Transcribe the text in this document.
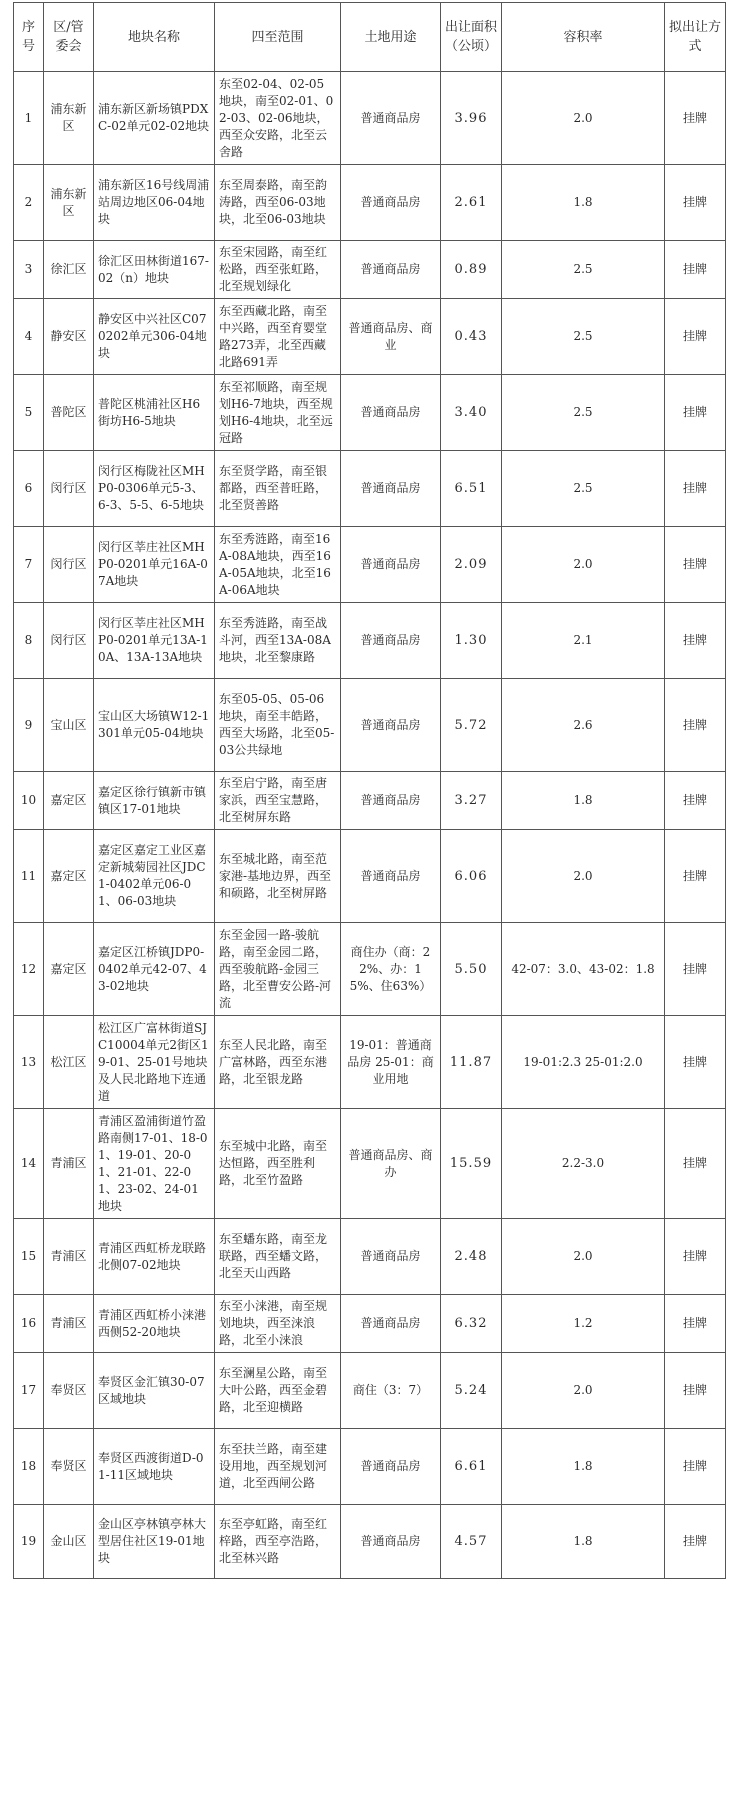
序号	区/管委会	地块名称	四至范围	土地用途	出让面积（公顷）	容积率	拟出让方式
1	浦东新区	浦东新区新场镇PDXC-02单元02-02地块	东至02-04、02-05地块，南至02-01、02-03、02-06地块，西至众安路，北至云舍路	普通商品房	3.96	2.0	挂牌
2	浦东新区	浦东新区16号线周浦站周边地区06-04地块	东至周泰路，南至韵涛路，西至06-03地块，北至06-03地块	普通商品房	2.61	1.8	挂牌
3	徐汇区	徐汇区田林街道167-02（n）地块	东至宋园路，南至红松路，西至张虹路，北至规划绿化	普通商品房	0.89	2.5	挂牌
4	静安区	静安区中兴社区C070202单元306-04地块	东至西藏北路，南至中兴路，西至育婴堂路273弄，北至西藏北路691弄	普通商品房、商业	0.43	2.5	挂牌
5	普陀区	普陀区桃浦社区H6街坊H6-5地块	东至祁顺路，南至规划H6-7地块，西至规划H6-4地块，北至远冠路	普通商品房	3.40	2.5	挂牌
6	闵行区	闵行区梅陇社区MHP0-0306单元5-3、6-3、5-5、6-5地块	东至贤学路，南至银都路，西至普旺路，北至贤善路	普通商品房	6.51	2.5	挂牌
7	闵行区	闵行区莘庄社区MHP0-0201单元16A-07A地块	东至秀涟路，南至16A-08A地块，西至16A-05A地块，北至16A-06A地块	普通商品房	2.09	2.0	挂牌
8	闵行区	闵行区莘庄社区MHP0-0201单元13A-10A、13A-13A地块	东至秀涟路，南至战斗河，西至13A-08A地块，北至黎康路	普通商品房	1.30	2.1	挂牌
9	宝山区	宝山区大场镇W12-1301单元05-04地块	东至05-05、05-06地块，南至丰皓路，西至大场路，北至05-03公共绿地	普通商品房	5.72	2.6	挂牌
10	嘉定区	嘉定区徐行镇新市镇镇区17-01地块	东至启宁路，南至唐家浜，西至宝慧路，北至树屏东路	普通商品房	3.27	1.8	挂牌
11	嘉定区	嘉定区嘉定工业区嘉定新城菊园社区JDC1-0402单元06-01、06-03地块	东至城北路，南至范家港-基地边界，西至和硕路，北至树屏路	普通商品房	6.06	2.0	挂牌
12	嘉定区	嘉定区江桥镇JDP0-0402单元42-07、43-02地块	东至金园一路-骏航路，南至金园二路，西至骏航路-金园三路，北至曹安公路-河流	商住办（商：22%、办：15%、住63%）	5.50	42-07：3.0、43-02：1.8	挂牌
13	松江区	松江区广富林街道SJC10004单元2街区19-01、25-01号地块及人民北路地下连通道	东至人民北路，南至广富林路，西至东港路，北至银龙路	19-01：普通商品房 25-01：商业用地	11.87	19-01:2.3 25-01:2.0	挂牌
14	青浦区	青浦区盈浦街道竹盈路南侧17-01、18-01、19-01、20-01、21-01、22-01、23-02、24-01地块	东至城中北路，南至达恒路，西至胜利路，北至竹盈路	普通商品房、商办	15.59	2.2-3.0	挂牌
15	青浦区	青浦区西虹桥龙联路北侧07-02地块	东至蟠东路，南至龙联路，西至蟠文路，北至天山西路	普通商品房	2.48	2.0	挂牌
16	青浦区	青浦区西虹桥小涞港西侧52-20地块	东至小涞港，南至规划地块，西至涞浪路，北至小涞浪	普通商品房	6.32	1.2	挂牌
17	奉贤区	奉贤区金汇镇30-07区域地块	东至澜星公路，南至大叶公路，西至金碧路，北至迎横路	商住（3：7）	5.24	2.0	挂牌
18	奉贤区	奉贤区西渡街道D-01-11区域地块	东至扶兰路，南至建设用地，西至规划河道，北至西闸公路	普通商品房	6.61	1.8	挂牌
19	金山区	金山区亭林镇亭林大型居住社区19-01地块	东至亭虹路，南至红梓路，西至亭浩路，北至林兴路	普通商品房	4.57	1.8	挂牌
